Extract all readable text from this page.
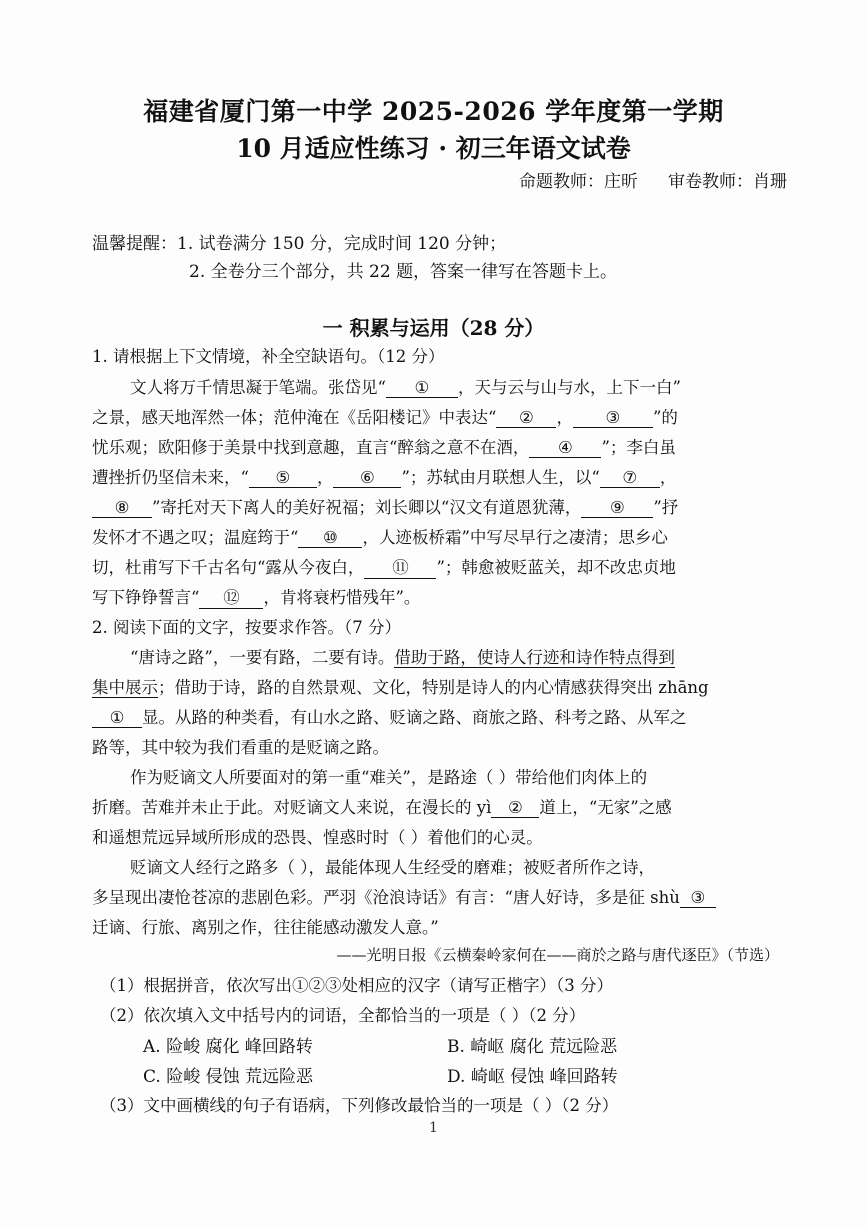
福建省厦门第一中学 2025-2026 学年度第一学期
10 月适应性练习 · 初三年语文试卷
命题教师：庄昕 审卷教师：肖珊
温馨提醒：1. 试卷满分 150 分，完成时间 120 分钟；
2. 全卷分三个部分，共 22 题，答案一律写在答题卡上。
一 积累与运用（28 分）
1. 请根据上下文情境，补全空缺语句。（12 分）
文人将万千情思凝于笔端。张岱见“ ① ，天与云与山与水，上下一白”
之景，感天地浑然一体；范仲淹在《岳阳楼记》中表达“ ② ， ③ ”的
忧乐观；欧阳修于美景中找到意趣，直言“醉翁之意不在酒， ④ ”；李白虽
遭挫折仍坚信未来，“ ⑤ ， ⑥ ”；苏轼由月联想人生，以“ ⑦ ，
⑧ ”寄托对天下离人的美好祝福；刘长卿以“汉文有道恩犹薄， ⑨ ”抒
发怀才不遇之叹；温庭筠于“ ⑩ ，人迹板桥霜”中写尽早行之凄清；思乡心
切，杜甫写下千古名句“露从今夜白， ⑪ ”；韩愈被贬蓝关，却不改忠贞地
写下铮铮誓言“ ⑫ ，肯将衰朽惜残年”。
2. 阅读下面的文字，按要求作答。（7 分）
“唐诗之路”，一要有路，二要有诗。借助于路，使诗人行迹和诗作特点得到
集中展示；借助于诗，路的自然景观、文化，特别是诗人的内心情感获得突出 zhāng
① 显。从路的种类看，有山水之路、贬谪之路、商旅之路、科考之路、从军之
路等，其中较为我们看重的是贬谪之路。
作为贬谪文人所要面对的第一重“难关”，是路途（ ）带给他们肉体上的
折磨。苦难并未止于此。对贬谪文人来说，在漫长的 yì ② 道上，“无家”之感
和遥想荒远异域所形成的恐畏、惶惑时时（ ）着他们的心灵。
贬谪文人经行之路多（ ），最能体现人生经受的磨难；被贬者所作之诗，
多呈现出凄怆苍凉的悲剧色彩。严羽《沧浪诗话》有言：“唐人好诗，多是征 shù ③
迁谪、行旅、离别之作，往往能感动激发人意。”
——光明日报《云横秦岭家何在——商於之路与唐代逐臣》（节选）
（1）根据拼音，依次写出①②③处相应的汉字（请写正楷字）（3 分）
（2）依次填入文中括号内的词语，全都恰当的一项是（ ）（2 分）
A. 险峻 腐化 峰回路转	B. 崎岖 腐化 荒远险恶
C. 险峻 侵蚀 荒远险恶	D. 崎岖 侵蚀 峰回路转
（3）文中画横线的句子有语病，下列修改最恰当的一项是（ ）（2 分）
1
